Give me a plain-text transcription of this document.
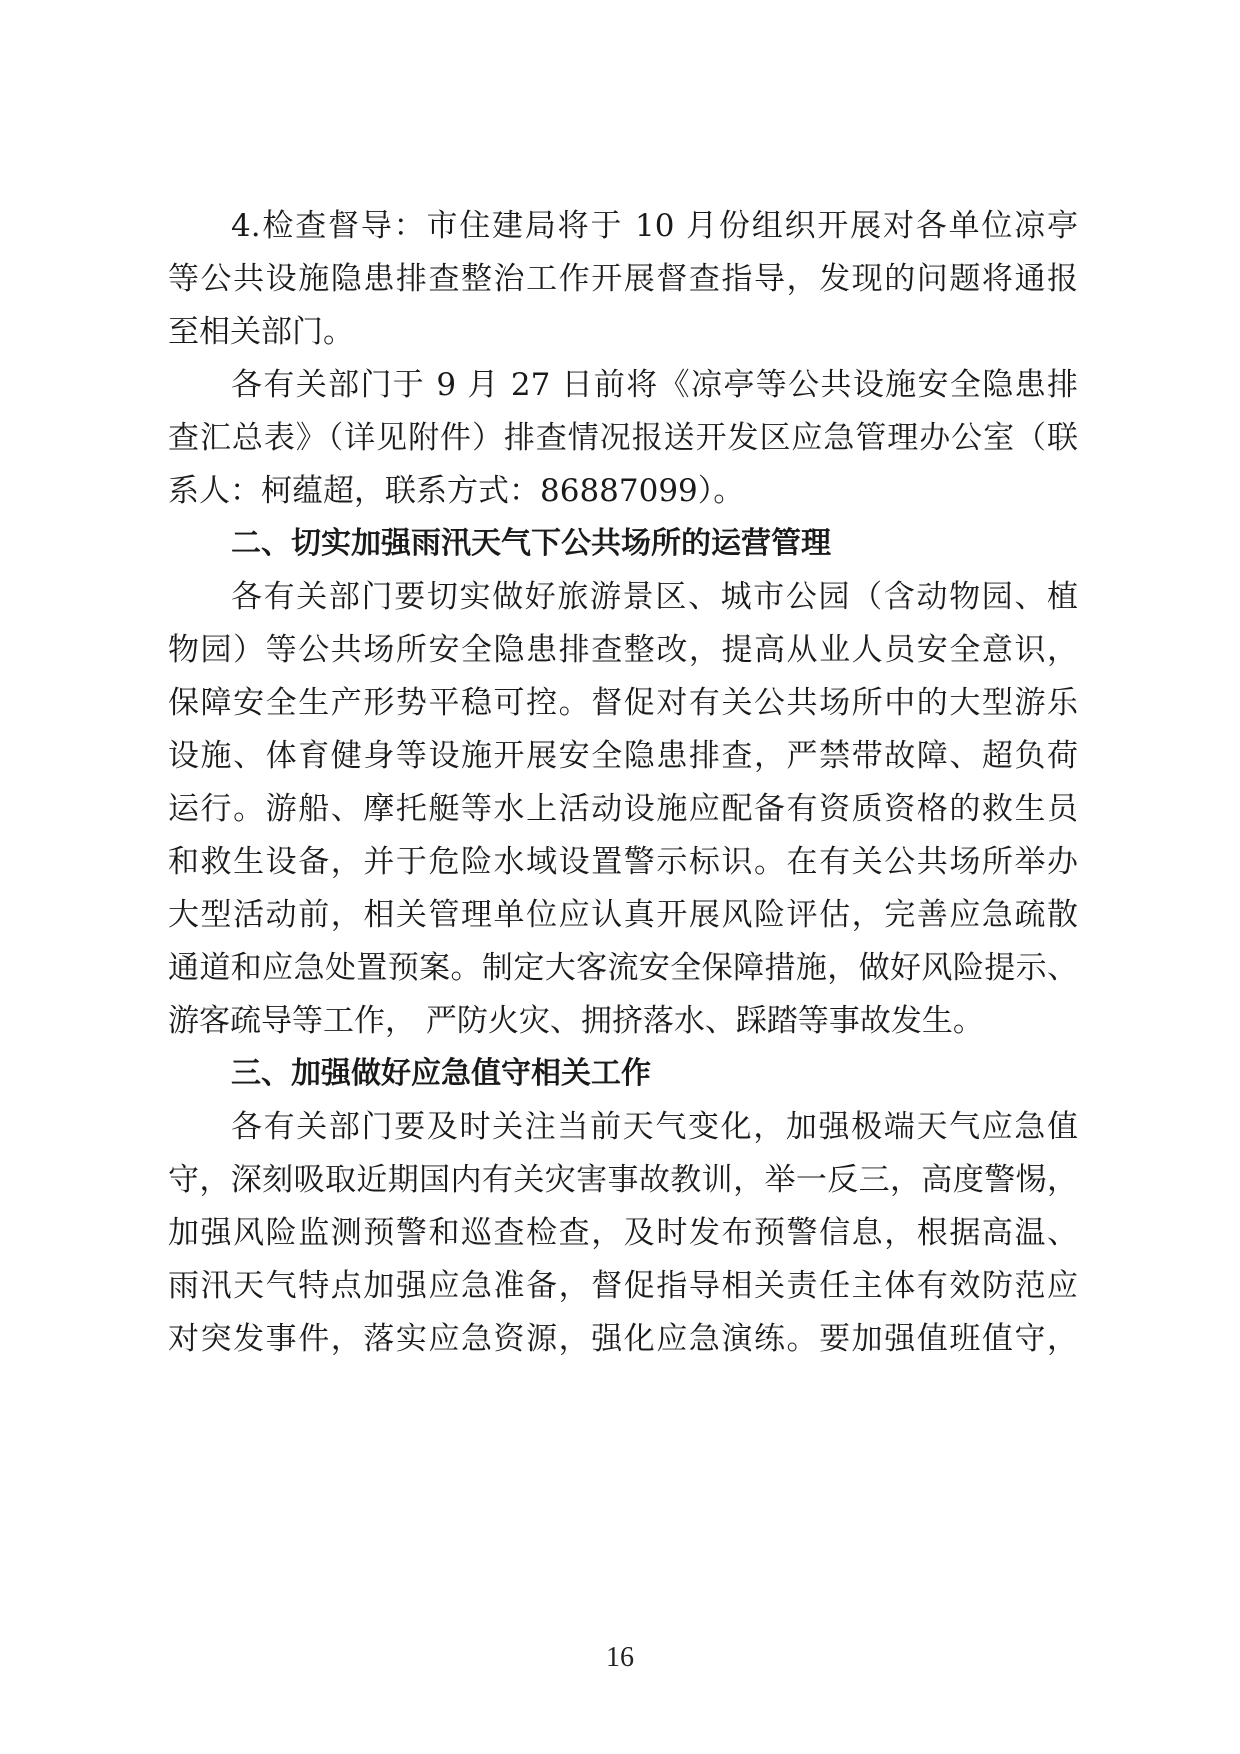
4.检查督导：市住建局将于 10 月份组织开展对各单位凉亭
等公共设施隐患排查整治工作开展督查指导，发现的问题将通报
至相关部门。
各有关部门于 9 月 27 日前将《凉亭等公共设施安全隐患排
查汇总表》（详见附件）排查情况报送开发区应急管理办公室（联
系人：柯蕴超，联系方式：86887099）。
二、切实加强雨汛天气下公共场所的运营管理
各有关部门要切实做好旅游景区、城市公园（含动物园、植
物园）等公共场所安全隐患排查整改，提高从业人员安全意识，
保障安全生产形势平稳可控。督促对有关公共场所中的大型游乐
设施、体育健身等设施开展安全隐患排查，严禁带故障、超负荷
运行。游船、摩托艇等水上活动设施应配备有资质资格的救生员
和救生设备，并于危险水域设置警示标识。在有关公共场所举办
大型活动前，相关管理单位应认真开展风险评估，完善应急疏散
通道和应急处置预案。制定大客流安全保障措施，做好风险提示、
游客疏导等工作， 严防火灾、拥挤落水、踩踏等事故发生。
三、加强做好应急值守相关工作
各有关部门要及时关注当前天气变化，加强极端天气应急值
守，深刻吸取近期国内有关灾害事故教训，举一反三，高度警惕，
加强风险监测预警和巡查检查，及时发布预警信息，根据高温、
雨汛天气特点加强应急准备，督促指导相关责任主体有效防范应
对突发事件，落实应急资源，强化应急演练。要加强值班值守，
16
